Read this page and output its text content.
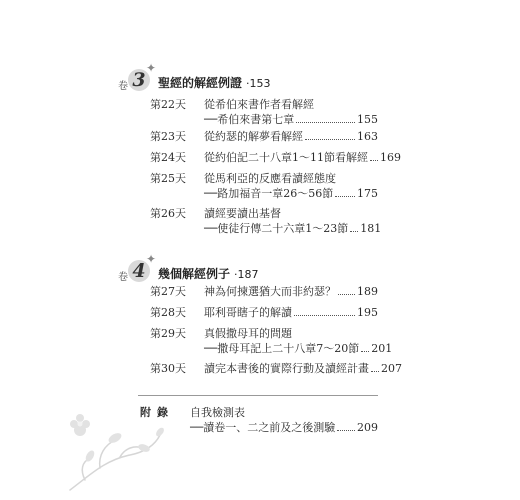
卷 3
✦
聖經的解經例證 ‧153
第22天	從希伯來書作者看解經
──希伯來書第七章	155
第23天	從約瑟的解夢看解經	163
第24天	從約伯記二十八章1～11節看解經 169
第25天	從馬利亞的反應看讀經態度
──路加福音一章26～56節 175
第26天	讀經要讀出基督
──使徒行傳二十六章1～23節 181
卷 4
✦
幾個解經例子 ‧187
第27天	神為何揀選猶大而非約瑟？ 189
第28天	耶利哥瞎子的解讀	195
第29天	真假撒母耳的問題
──撒母耳記上二十八章7～20節 201
第30天	讀完本書後的實際行動及讀經計畫 207
附錄 自我檢測表
──讀卷一、二之前及之後測驗 209
